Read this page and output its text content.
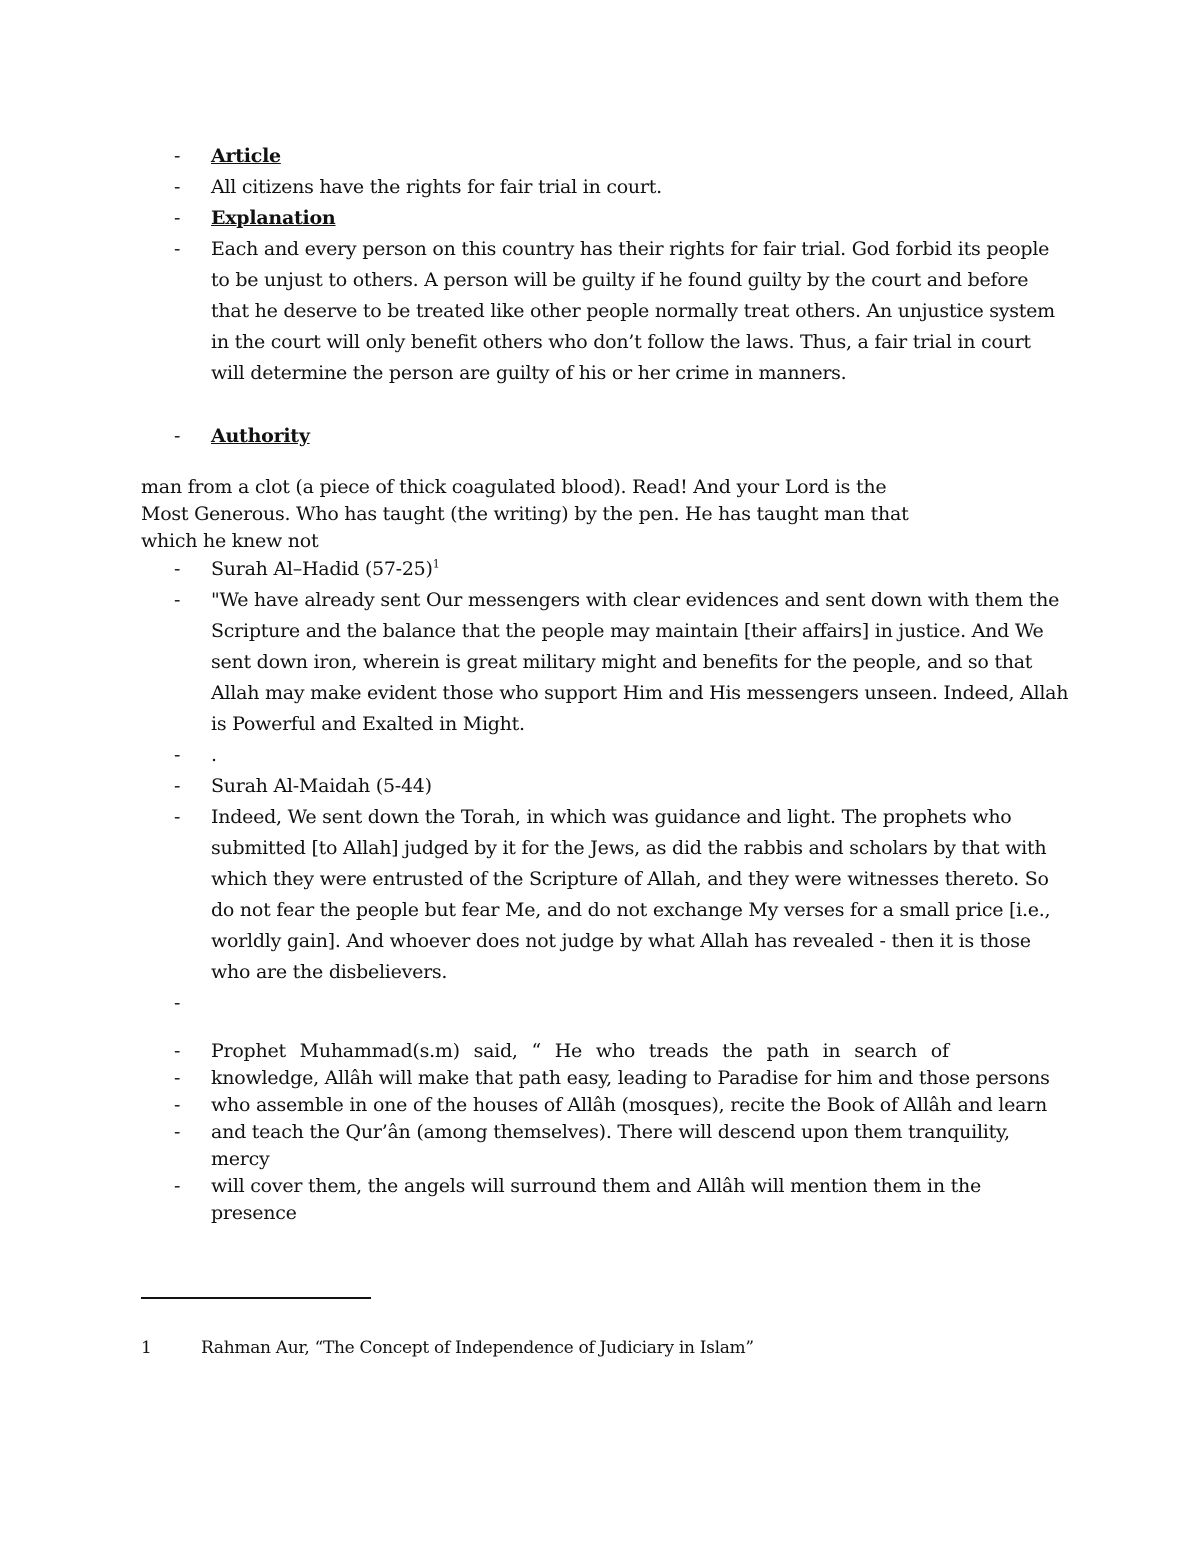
-	Article
-	All citizens have the rights for fair trial in court.
-	Explanation
-	Each and every person on this country has their rights for fair trial. God forbid its people to be unjust to others. A person will be guilty if he found guilty by the court and before that he deserve to be treated like other people normally treat others. An unjustice system in the court will only benefit others who don’t follow the laws. Thus, a fair trial in court will determine the person are guilty of his or her crime in manners.
-	Authority
man from a clot (a piece of thick coagulated blood). Read! And your Lord is the
Most Generous. Who has taught (the writing) by the pen. He has taught man that
which he knew not
-	Surah Al–Hadid $(57-25)^1$
-	"We have already sent Our messengers with clear evidences and sent down with them the Scripture and the balance that the people may maintain [their affairs] in justice. And We sent down iron, wherein is great military might and benefits for the people, and so that Allah may make evident those who support Him and His messengers unseen. Indeed, Allah is Powerful and Exalted in Might.
-	.
-	Surah Al-Maidah (5-44)
-	Indeed, We sent down the Torah, in which was guidance and light. The prophets who submitted [to Allah] judged by it for the Jews, as did the rabbis and scholars by that with which they were entrusted of the Scripture of Allah, and they were witnesses thereto. So do not fear the people but fear Me, and do not exchange My verses for a small price [i.e., worldly gain]. And whoever does not judge by what Allah has revealed - then it is those who are the disbelievers.
-

-	Prophet Muhammad(s.m) said, “ He who treads the path in search of
-	knowledge, Allâh will make that path easy, leading to Paradise for him and those persons
-	who assemble in one of the houses of Allâh (mosques), recite the Book of Allâh and learn
-	and teach the Qur’ân (among themselves). There will descend upon them tranquility, mercy
-	will cover them, the angels will surround them and Allâh will mention them in the presence
1	Rahman Aur, “The Concept of Independence of Judiciary in Islam”
